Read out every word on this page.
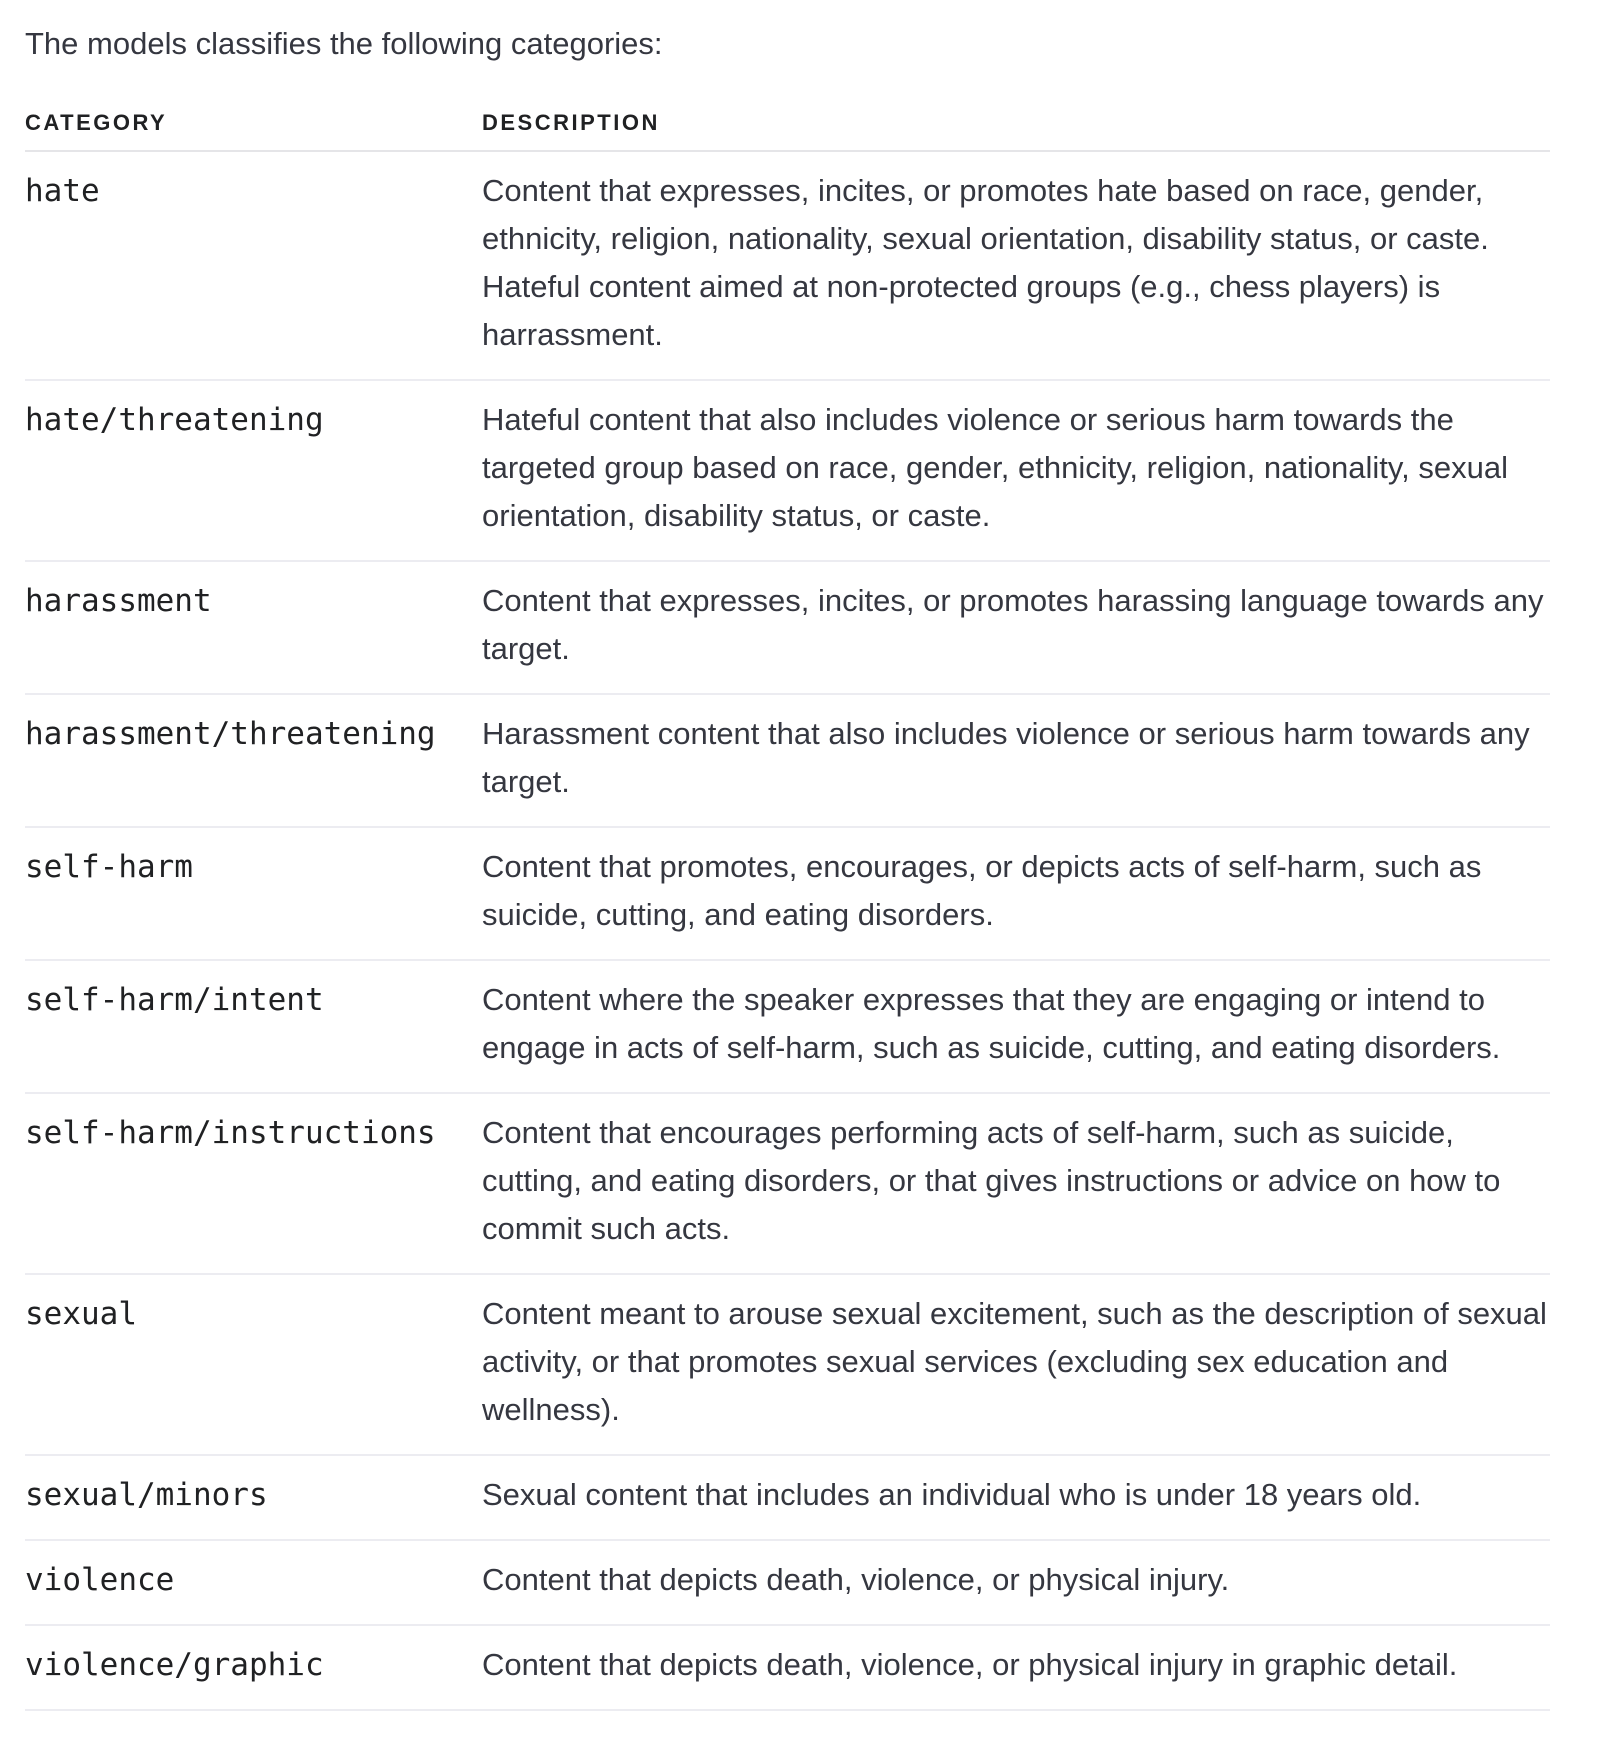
The models classifies the following categories:

CATEGORY	DESCRIPTION
hate	Content that expresses, incites, or promotes hate based on race, gender, ethnicity, religion, nationality, sexual orientation, disability status, or caste. Hateful content aimed at non-protected groups (e.g., chess players) is harrassment.
hate/threatening	Hateful content that also includes violence or serious harm towards the targeted group based on race, gender, ethnicity, religion, nationality, sexual orientation, disability status, or caste.
harassment	Content that expresses, incites, or promotes harassing language towards any target.
harassment/threatening	Harassment content that also includes violence or serious harm towards any target.
self-harm	Content that promotes, encourages, or depicts acts of self-harm, such as suicide, cutting, and eating disorders.
self-harm/intent	Content where the speaker expresses that they are engaging or intend to engage in acts of self-harm, such as suicide, cutting, and eating disorders.
self-harm/instructions	Content that encourages performing acts of self-harm, such as suicide, cutting, and eating disorders, or that gives instructions or advice on how to commit such acts.
sexual	Content meant to arouse sexual excitement, such as the description of sexual activity, or that promotes sexual services (excluding sex education and wellness).
sexual/minors	Sexual content that includes an individual who is under 18 years old.
violence	Content that depicts death, violence, or physical injury.
violence/graphic	Content that depicts death, violence, or physical injury in graphic detail.
